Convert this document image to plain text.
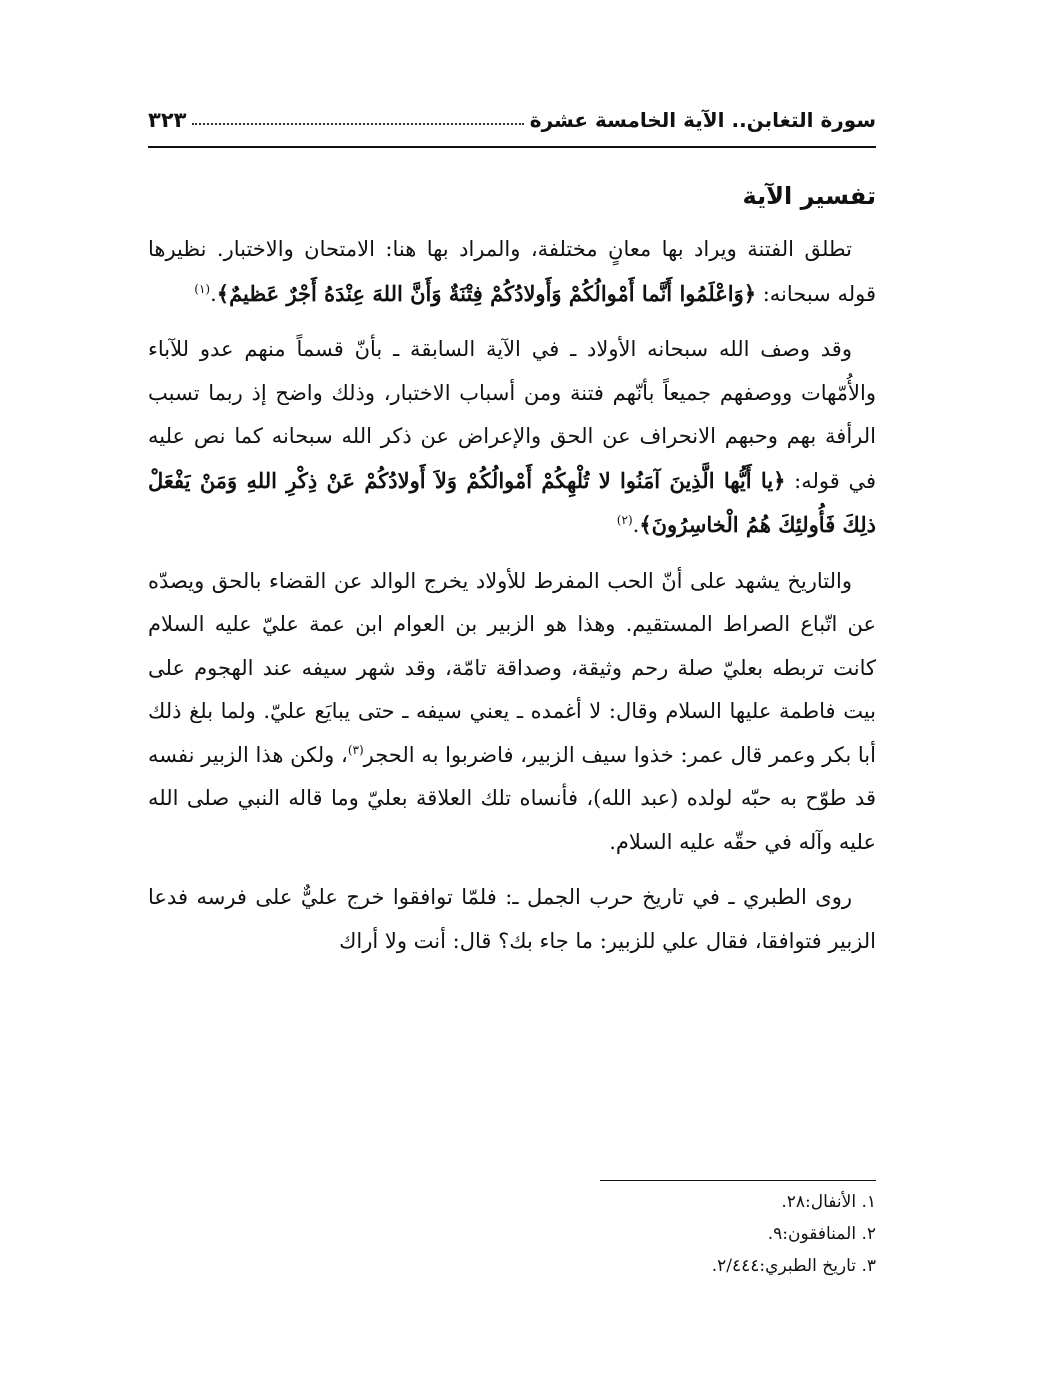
سورة التغابن.. الآية الخامسة عشرة
٣٢٣
تفسير الآية

تطلق الفتنة ويراد بها معانٍ مختلفة، والمراد بها هنا: الامتحان والاختبار. نظيرها قوله سبحانه: ﴿وَاعْلَمُوا أَنَّما أَمْوالُكُمْ وَأَولادُكُمْ فِتْنَةٌ وَأَنَّ اللهَ عِنْدَهُ أَجْرٌ عَظيمٌ﴾.$^{(١)}$

وقد وصف الله سبحانه الأولاد ـ في الآية السابقة ـ بأنّ قسماً منهم عدو للآباء والأُمّهات ووصفهم جميعاً بأنّهم فتنة ومن أسباب الاختبار، وذلك واضح إذ ربما تسبب الرأفة بهم وحبهم الانحراف عن الحق والإعراض عن ذكر الله سبحانه كما نص عليه في قوله: ﴿يا أَيُّها الَّذِينَ آمَنُوا لا تُلْهِكُمْ أَمْوالُكُمْ وَلاَ أَولادُكُمْ عَنْ ذِكْرِ اللهِ وَمَنْ يَفْعَلْ ذلِكَ فَأُولئِكَ هُمُ الْخاسِرُونَ﴾.$^{(٢)}$

والتاريخ يشهد على أنّ الحب المفرط للأولاد يخرج الوالد عن القضاء بالحق ويصدّه عن اتّباع الصراط المستقيم. وهذا هو الزبير بن العوام ابن عمة عليّ عليه السلام كانت تربطه بعليّ صلة رحم وثيقة، وصداقة تامّة، وقد شهر سيفه عند الهجوم على بيت فاطمة عليها السلام وقال: لا أغمده ـ يعني سيفه ـ حتى يبايَع عليّ. ولما بلغ ذلك أبا بكر وعمر قال عمر: خذوا سيف الزبير، فاضربوا به الحجر$^{(٣)}$، ولكن هذا الزبير نفسه قد طوّح به حبّه لولده (عبد الله)، فأنساه تلك العلاقة بعليّ وما قاله النبي صلى الله عليه وآله في حقّه عليه السلام.

روى الطبري ـ في تاريخ حرب الجمل ـ: فلمّا توافقوا خرج عليٌّ على فرسه فدعا الزبير فتوافقا، فقال علي للزبير: ما جاء بك؟ قال: أنت ولا أراك

١. الأنفال:٢٨.
٢. المنافقون:٩.
٣. تاريخ الطبري:٢/٤٤٤.
